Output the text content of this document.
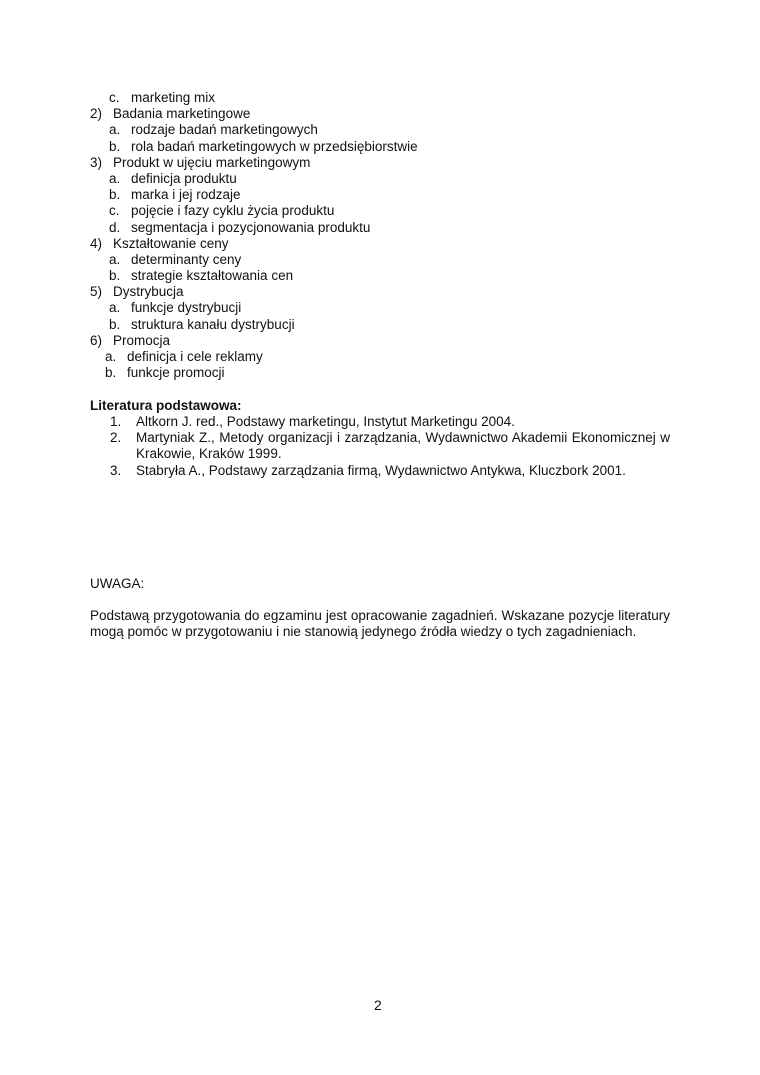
c. marketing mix
2) Badania marketingowe
a. rodzaje badań marketingowych
b. rola badań marketingowych w przedsiębiorstwie
3) Produkt w ujęciu marketingowym
a. definicja produktu
b. marka i jej rodzaje
c. pojęcie i fazy cyklu życia produktu
d. segmentacja i pozycjonowania produktu
4) Kształtowanie ceny
a. determinanty ceny
b. strategie kształtowania cen
5) Dystrybucja
a. funkcje dystrybucji
b. struktura kanału dystrybucji
6) Promocja
a. definicja i cele reklamy
b. funkcje promocji
Literatura podstawowa:
1.	Altkorn J. red., Podstawy marketingu, Instytut Marketingu 2004.
2.	Martyniak Z., Metody organizacji i zarządzania, Wydawnictwo Akademii Ekonomicznej w Krakowie, Kraków 1999.
3.	Stabryła A., Podstawy zarządzania firmą, Wydawnictwo Antykwa, Kluczbork 2001.
UWAGA:
Podstawą przygotowania do egzaminu jest opracowanie zagadnień. Wskazane pozycje literatury mogą pomóc w przygotowaniu i nie stanowią jedynego źródła wiedzy o tych zagadnieniach.
2
